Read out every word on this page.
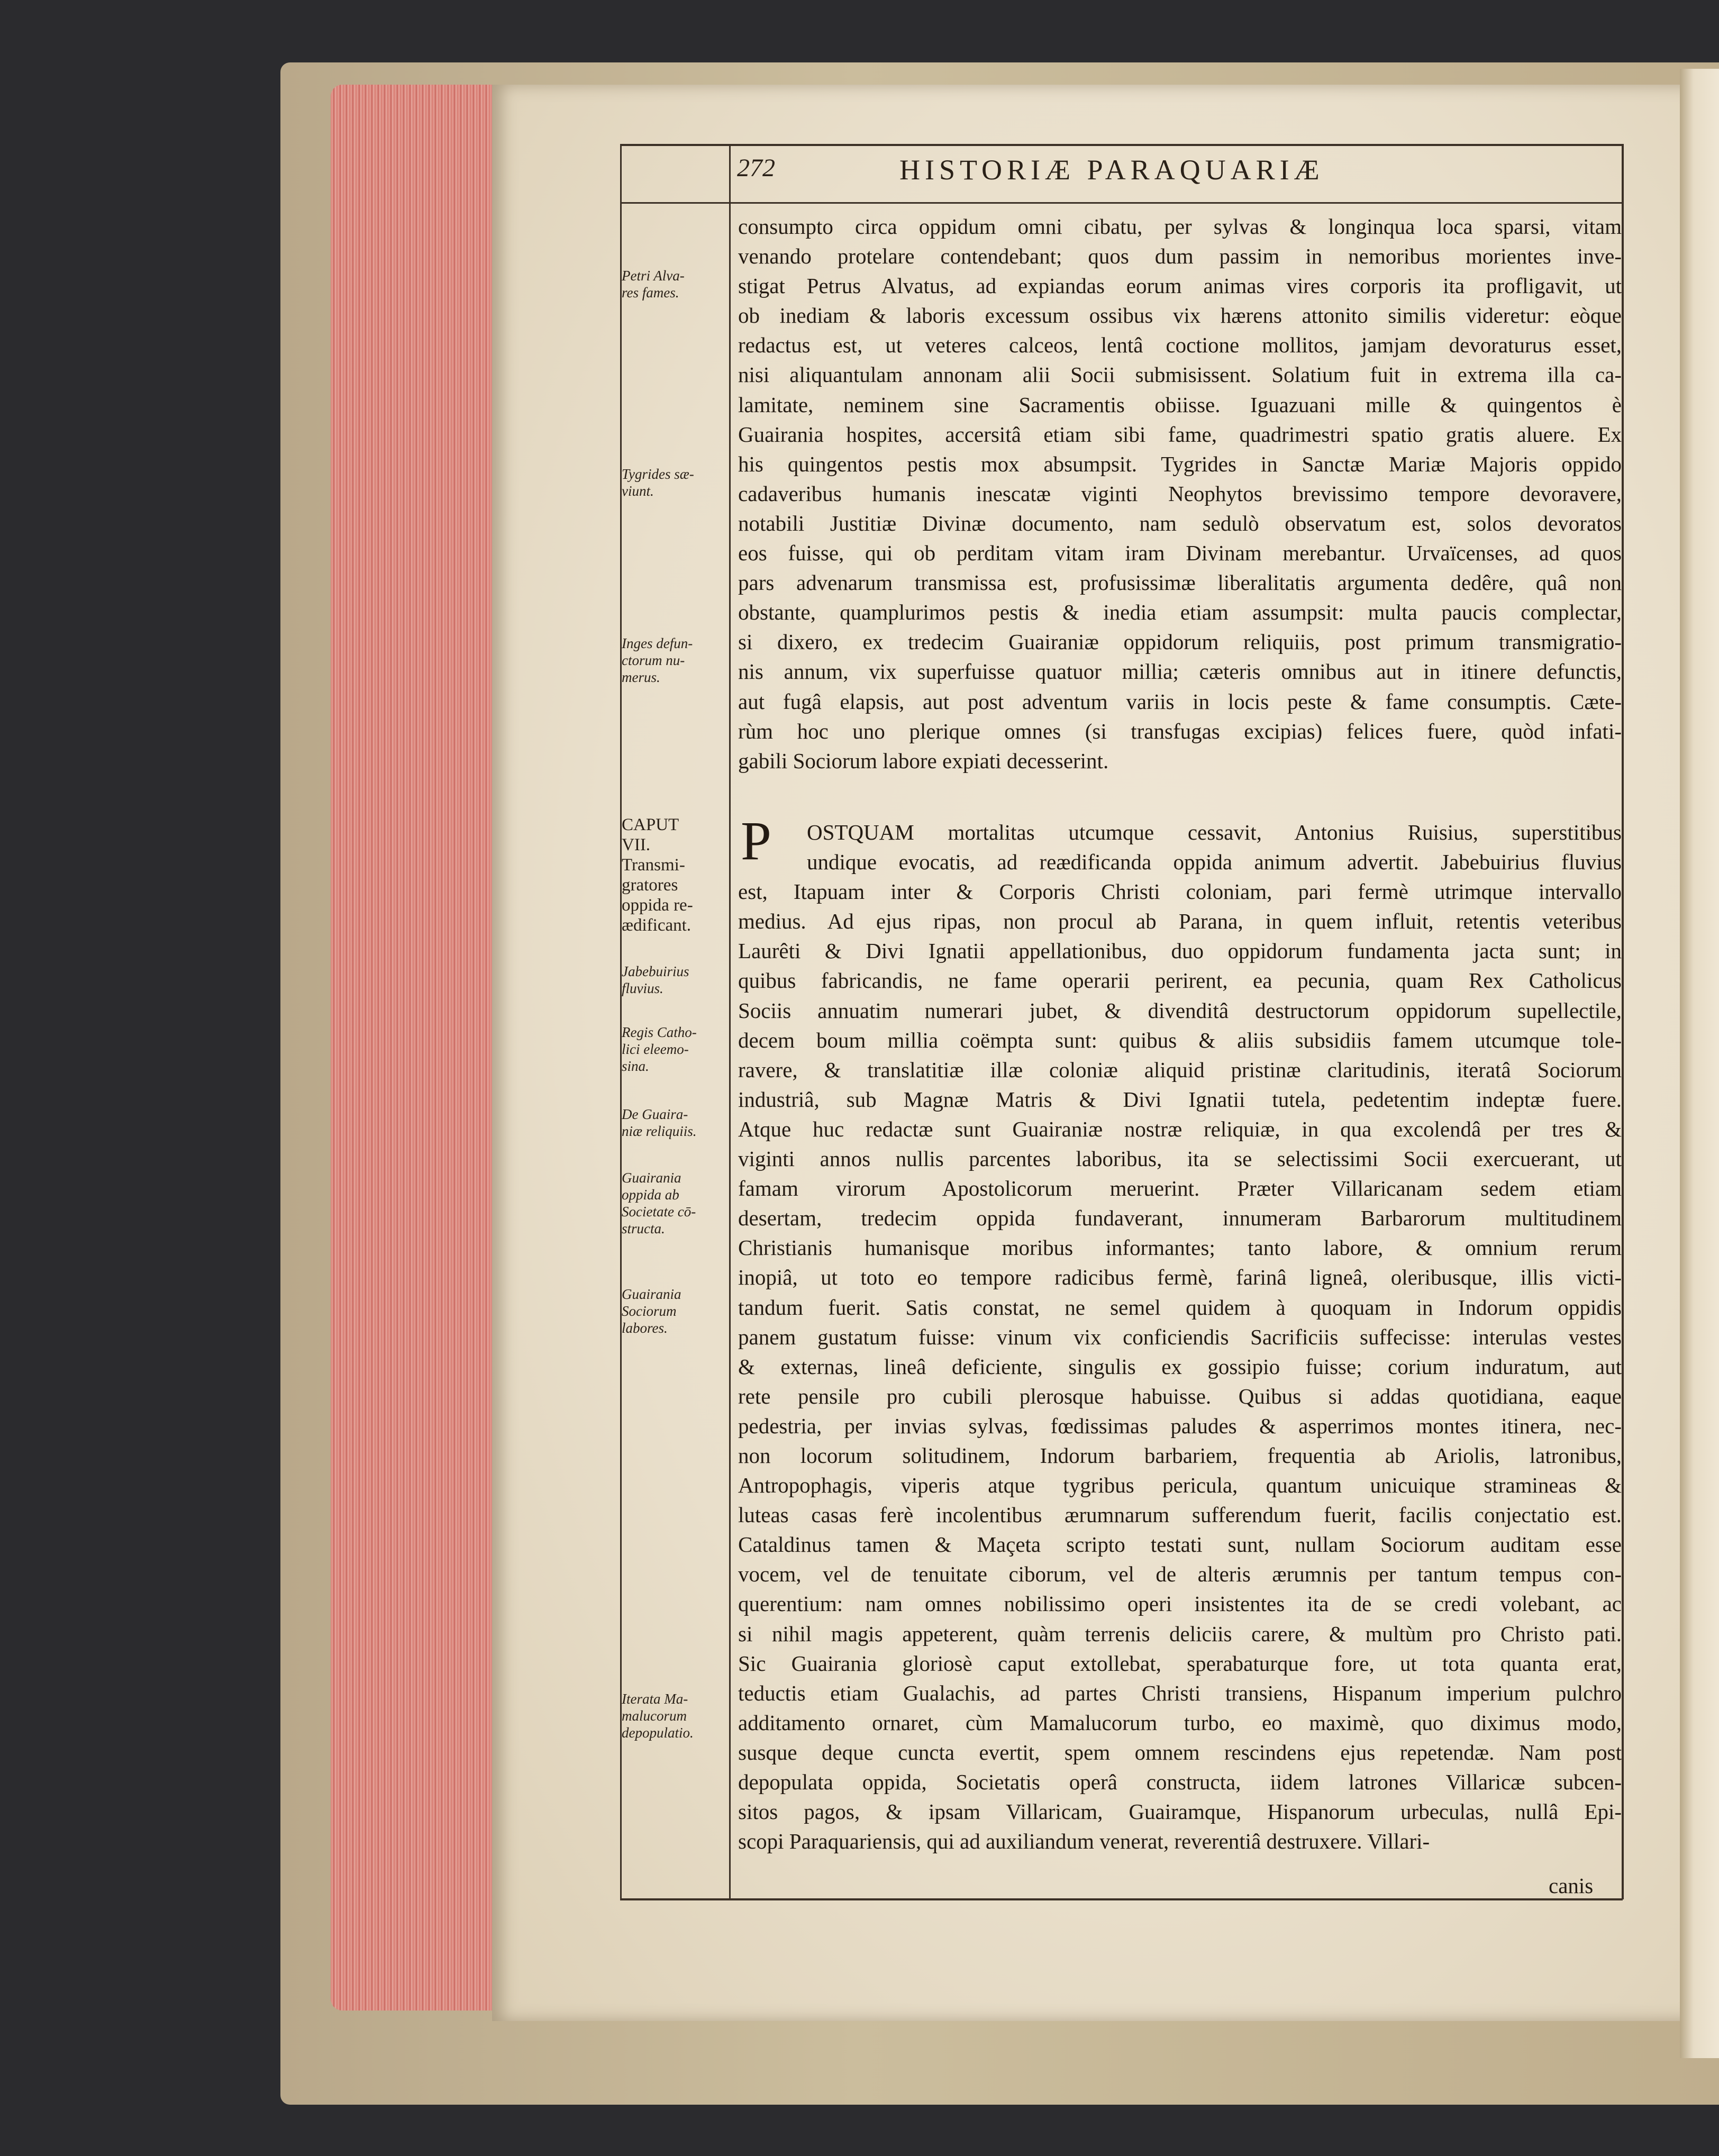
272	HISTORIÆ PARAQUARIÆ
Petri Alva-
res fames.
Tygrides sæ-
viunt.
Inges defun-
ctorum nu-
merus.
CAPUT
VII.
Transmi-
gratores
oppida re-
ædificant.
Jabebuirius
fluvius.
Regis Catho-
lici eleemo-
sina.
De Guaira-
niæ reliquiis.
Guairania
oppida ab
Societate cō-
structa.
Guairania
Sociorum
labores.
Iterata Ma-
malucorum
depopulatio.
consumpto circa oppidum omni cibatu, per sylvas & longinqua loca sparsi, vitam
venando protelare contendebant; quos dum passim in nemoribus morientes inve-
stigat Petrus Alvatus, ad expiandas eorum animas vires corporis ita profligavit, ut
ob inediam & laboris excessum ossibus vix hærens attonito similis videretur: eòque
redactus est, ut veteres calceos, lentâ coctione mollitos, jamjam devoraturus esset,
nisi aliquantulam annonam alii Socii submisissent. Solatium fuit in extrema illa ca-
lamitate, neminem sine Sacramentis obiisse. Iguazuani mille & quingentos è
Guairania hospites, accersitâ etiam sibi fame, quadrimestri spatio gratis aluere. Ex
his quingentos pestis mox absumpsit. Tygrides in Sanctæ Mariæ Majoris oppido
cadaveribus humanis inescatæ viginti Neophytos brevissimo tempore devoravere,
notabili Justitiæ Divinæ documento, nam sedulò observatum est, solos devoratos
eos fuisse, qui ob perditam vitam iram Divinam merebantur. Urvaïcenses, ad quos
pars advenarum transmissa est, profusissimæ liberalitatis argumenta dedêre, quâ non
obstante, quamplurimos pestis & inedia etiam assumpsit: multa paucis complectar,
si dixero, ex tredecim Guairaniæ oppidorum reliquiis, post primum transmigratio-
nis annum, vix superfuisse quatuor millia; cæteris omnibus aut in itinere defunctis,
aut fugâ elapsis, aut post adventum variis in locis peste & fame consumptis. Cæte-
rùm hoc uno plerique omnes (si transfugas excipias) felices fuere, quòd infati-
gabili Sociorum labore expiati decesserint.
P	OSTQUAM mortalitas utcumque cessavit, Antonius Ruisius, superstitibus
undique evocatis, ad reædificanda oppida animum advertit. Jabebuirius fluvius
est, Itapuam inter & Corporis Christi coloniam, pari fermè utrimque intervallo
medius. Ad ejus ripas, non procul ab Parana, in quem influit, retentis veteribus
Laurêti & Divi Ignatii appellationibus, duo oppidorum fundamenta jacta sunt; in
quibus fabricandis, ne fame operarii perirent, ea pecunia, quam Rex Catholicus
Sociis annuatim numerari jubet, & divenditâ destructorum oppidorum supellectile,
decem boum millia coëmpta sunt: quibus & aliis subsidiis famem utcumque tole-
ravere, & translatitiæ illæ coloniæ aliquid pristinæ claritudinis, iteratâ Sociorum
industriâ, sub Magnæ Matris & Divi Ignatii tutela, pedetentim indeptæ fuere.
Atque huc redactæ sunt Guairaniæ nostræ reliquiæ, in qua excolendâ per tres &
viginti annos nullis parcentes laboribus, ita se selectissimi Socii exercuerant, ut
famam virorum Apostolicorum meruerint. Præter Villaricanam sedem etiam
desertam, tredecim oppida fundaverant, innumeram Barbarorum multitudinem
Christianis humanisque moribus informantes; tanto labore, & omnium rerum
inopiâ, ut toto eo tempore radicibus fermè, farinâ ligneâ, oleribusque, illis victi-
tandum fuerit. Satis constat, ne semel quidem à quoquam in Indorum oppidis
panem gustatum fuisse: vinum vix conficiendis Sacrificiis suffecisse: interulas vestes
& externas, lineâ deficiente, singulis ex gossipio fuisse; corium induratum, aut
rete pensile pro cubili plerosque habuisse. Quibus si addas quotidiana, eaque
pedestria, per invias sylvas, fœdissimas paludes & asperrimos montes itinera, nec-
non locorum solitudinem, Indorum barbariem, frequentia ab Ariolis, latronibus,
Antropophagis, viperis atque tygribus pericula, quantum unicuique stramineas &
luteas casas ferè incolentibus ærumnarum sufferendum fuerit, facilis conjectatio est.
Cataldinus tamen & Maçeta scripto testati sunt, nullam Sociorum auditam esse
vocem, vel de tenuitate ciborum, vel de alteris ærumnis per tantum tempus con-
querentium: nam omnes nobilissimo operi insistentes ita de se credi volebant, ac
si nihil magis appeterent, quàm terrenis deliciis carere, & multùm pro Christo pati.
Sic Guairania gloriosè caput extollebat, sperabaturque fore, ut tota quanta erat,
teductis etiam Gualachis, ad partes Christi transiens, Hispanum imperium pulchro
additamento ornaret, cùm Mamalucorum turbo, eo maximè, quo diximus modo,
susque deque cuncta evertit, spem omnem rescindens ejus repetendæ. Nam post
depopulata oppida, Societatis operâ constructa, iidem latrones Villaricæ subcen-
sitos pagos, & ipsam Villaricam, Guairamque, Hispanorum urbeculas, nullâ Epi-
scopi Paraquariensis, qui ad auxiliandum venerat, reverentiâ destruxere. Villari-
canis
